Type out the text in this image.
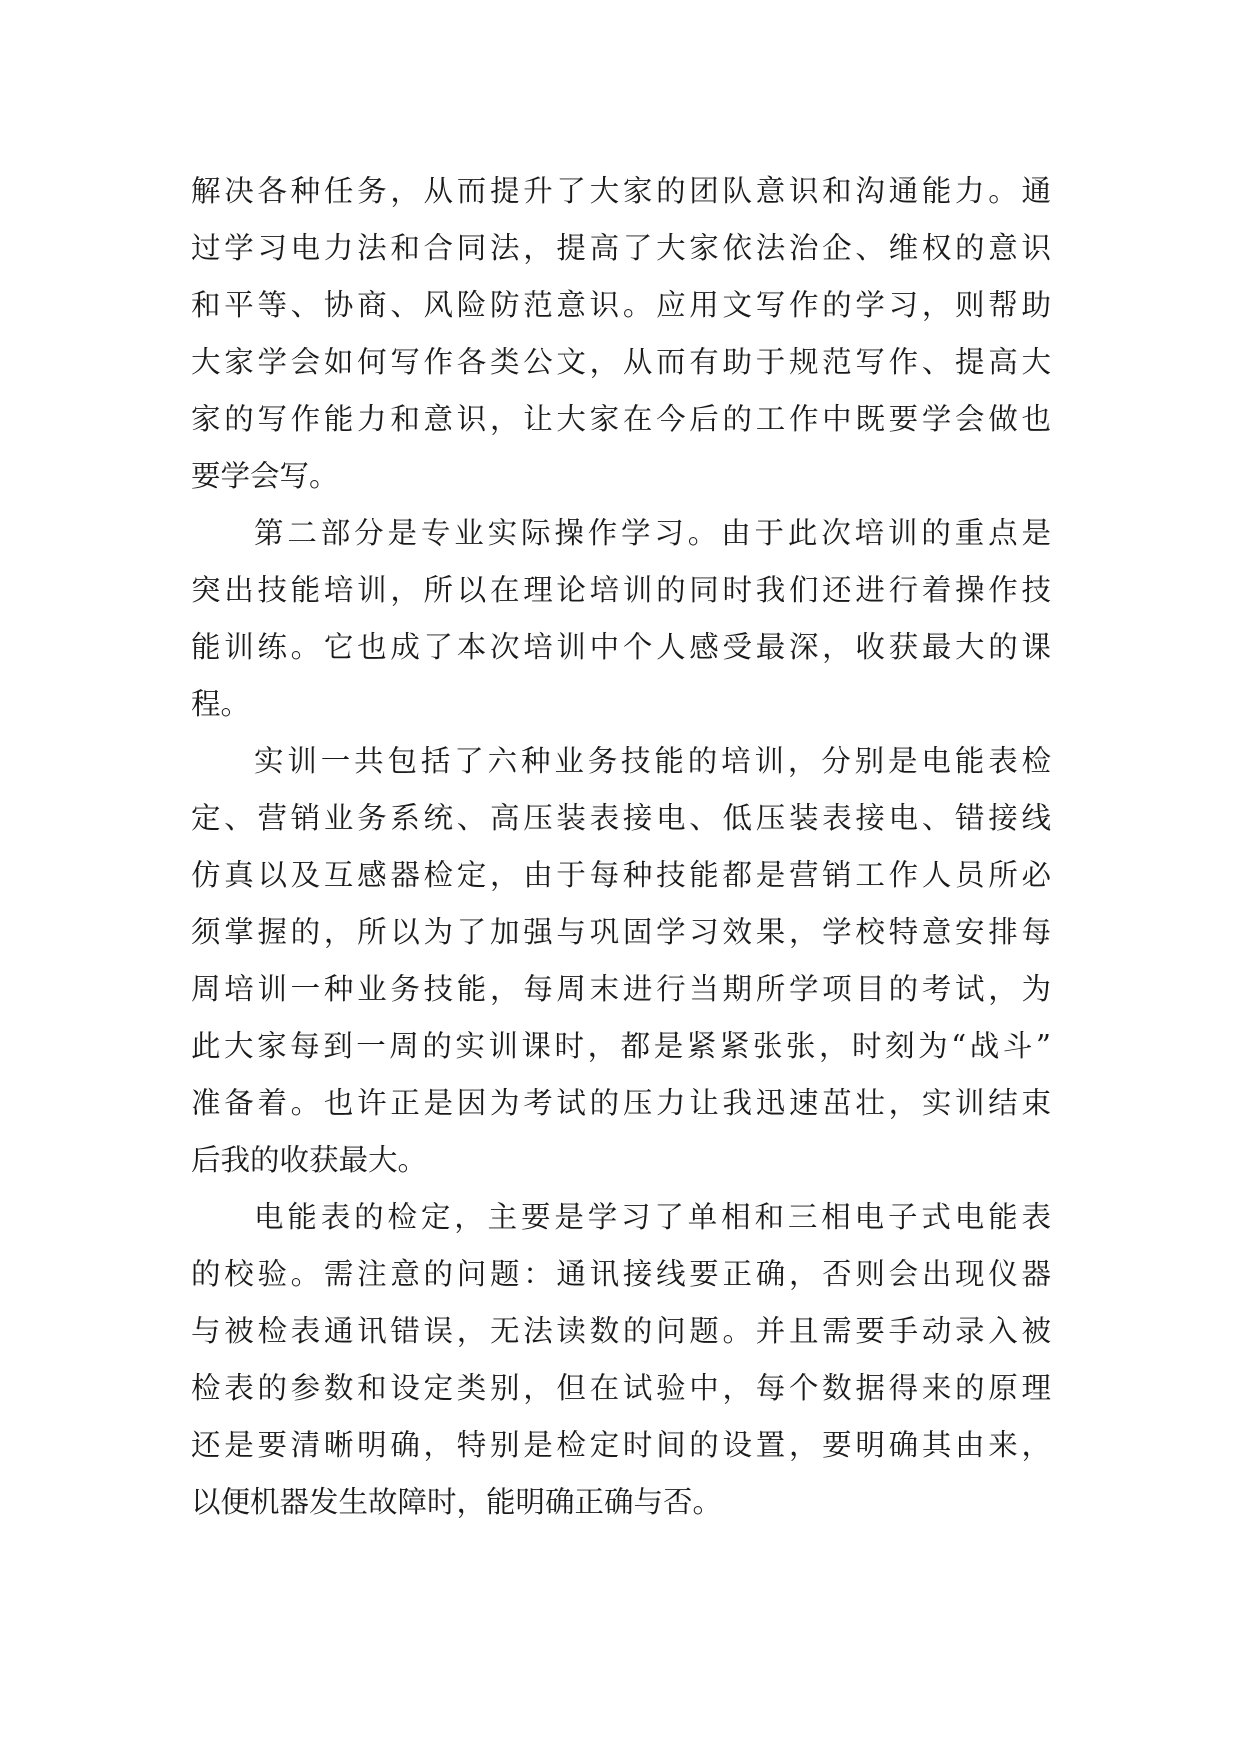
解决各种任务，从而提升了大家的团队意识和沟通能力。通
过学习电力法和合同法，提高了大家依法治企、维权的意识
和平等、协商、风险防范意识。应用文写作的学习，则帮助
大家学会如何写作各类公文，从而有助于规范写作、提高大
家的写作能力和意识，让大家在今后的工作中既要学会做也
要学会写。
第二部分是专业实际操作学习。由于此次培训的重点是
突出技能培训，所以在理论培训的同时我们还进行着操作技
能训练。它也成了本次培训中个人感受最深，收获最大的课
程。
实训一共包括了六种业务技能的培训，分别是电能表检
定、营销业务系统、高压装表接电、低压装表接电、错接线
仿真以及互感器检定，由于每种技能都是营销工作人员所必
须掌握的，所以为了加强与巩固学习效果，学校特意安排每
周培训一种业务技能，每周末进行当期所学项目的考试，为
此大家每到一周的实训课时，都是紧紧张张，时刻为“战斗”
准备着。也许正是因为考试的压力让我迅速茁壮，实训结束
后我的收获最大。
电能表的检定，主要是学习了单相和三相电子式电能表
的校验。需注意的问题：通讯接线要正确，否则会出现仪器
与被检表通讯错误，无法读数的问题。并且需要手动录入被
检表的参数和设定类别，但在试验中，每个数据得来的原理
还是要清晰明确，特别是检定时间的设置，要明确其由来，
以便机器发生故障时，能明确正确与否。
